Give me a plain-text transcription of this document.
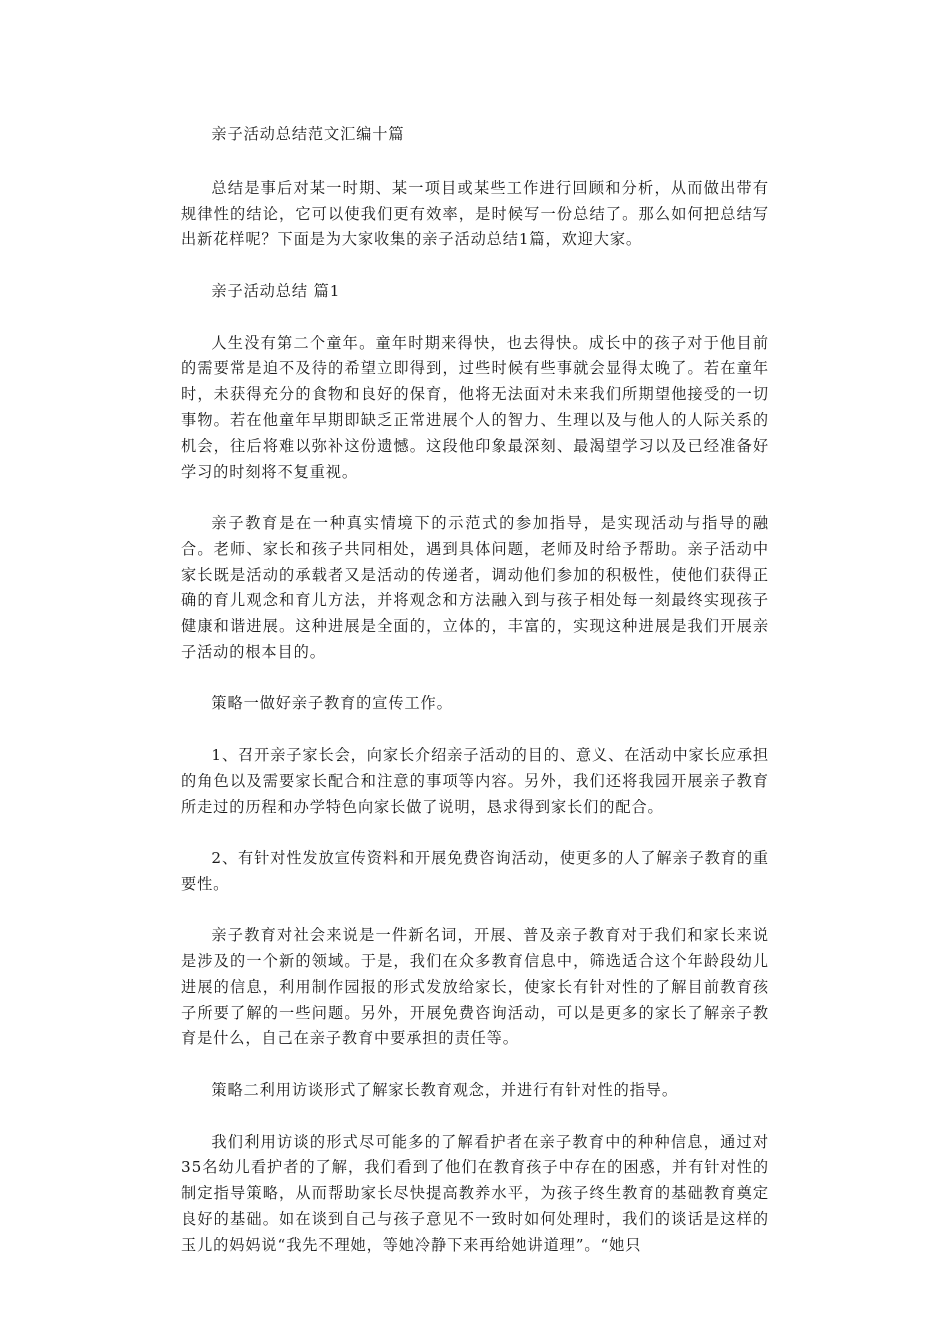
亲子活动总结范文汇编十篇

总结是事后对某一时期、某一项目或某些工作进行回顾和分析，从而做出带有规律性的结论，它可以使我们更有效率，是时候写一份总结了。那么如何把总结写出新花样呢？下面是为大家收集的亲子活动总结1篇，欢迎大家。

亲子活动总结 篇1

人生没有第二个童年。童年时期来得快，也去得快。成长中的孩子对于他目前的需要常是迫不及待的希望立即得到，过些时候有些事就会显得太晚了。若在童年时，未获得充分的食物和良好的保育，他将无法面对未来我们所期望他接受的一切事物。若在他童年早期即缺乏正常进展个人的智力、生理以及与他人的人际关系的机会，往后将难以弥补这份遗憾。这段他印象最深刻、最渴望学习以及已经准备好学习的时刻将不复重视。

亲子教育是在一种真实情境下的示范式的参加指导，是实现活动与指导的融合。老师、家长和孩子共同相处，遇到具体问题，老师及时给予帮助。亲子活动中家长既是活动的承载者又是活动的传递者，调动他们参加的积极性，使他们获得正确的育儿观念和育儿方法，并将观念和方法融入到与孩子相处每一刻最终实现孩子健康和谐进展。这种进展是全面的，立体的，丰富的，实现这种进展是我们开展亲子活动的根本目的。

策略一做好亲子教育的宣传工作。

1、召开亲子家长会，向家长介绍亲子活动的目的、意义、在活动中家长应承担的角色以及需要家长配合和注意的事项等内容。另外，我们还将我园开展亲子教育所走过的历程和办学特色向家长做了说明，恳求得到家长们的配合。

2、有针对性发放宣传资料和开展免费咨询活动，使更多的人了解亲子教育的重要性。

亲子教育对社会来说是一件新名词，开展、普及亲子教育对于我们和家长来说是涉及的一个新的领域。于是，我们在众多教育信息中，筛选适合这个年龄段幼儿进展的信息，利用制作园报的形式发放给家长，使家长有针对性的了解目前教育孩子所要了解的一些问题。另外，开展免费咨询活动，可以是更多的家长了解亲子教育是什么，自己在亲子教育中要承担的责任等。

策略二利用访谈形式了解家长教育观念，并进行有针对性的指导。

我们利用访谈的形式尽可能多的了解看护者在亲子教育中的种种信息，通过对35名幼儿看护者的了解，我们看到了他们在教育孩子中存在的困惑，并有针对性的制定指导策略，从而帮助家长尽快提高教养水平，为孩子终生教育的基础教育奠定良好的基础。如在谈到自己与孩子意见不一致时如何处理时，我们的谈话是这样的玉儿的妈妈说“我先不理她，等她冷静下来再给她讲道理”。“她只
